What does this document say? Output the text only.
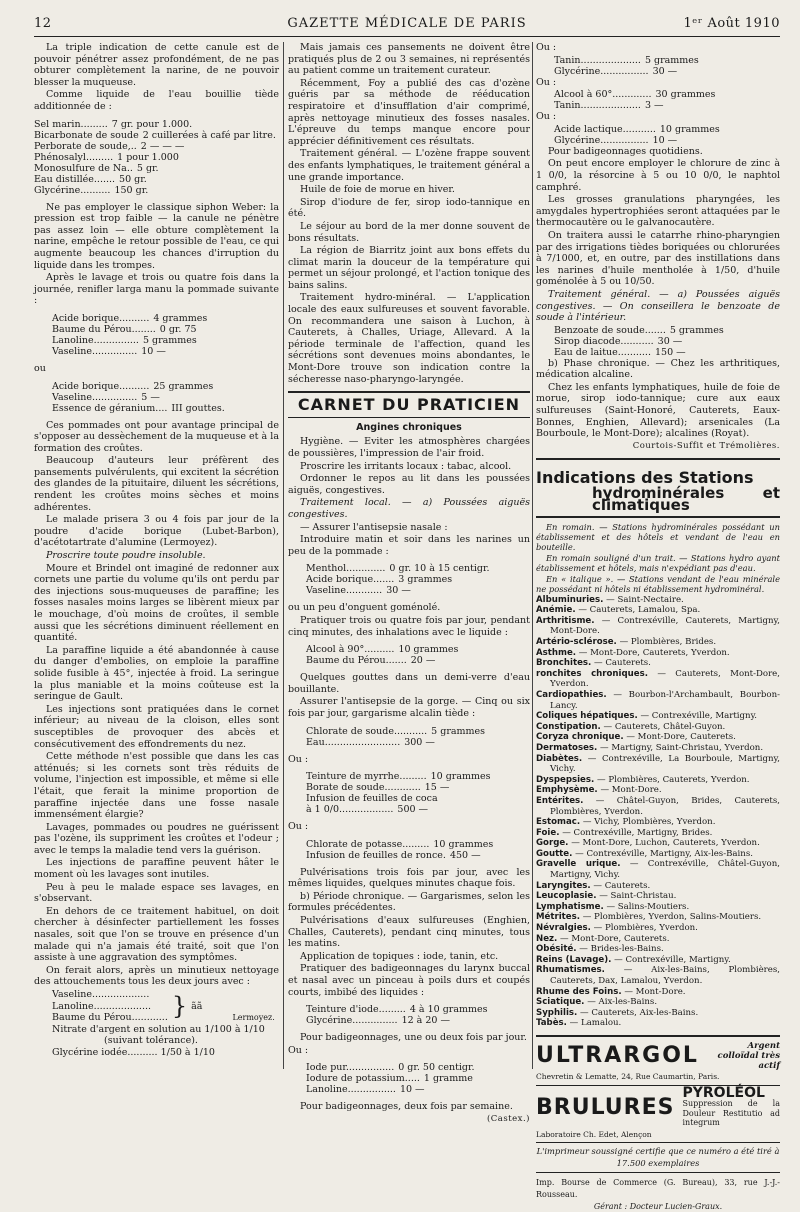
12	GAZETTE MÉDICALE DE PARIS	1ᵉʳ Août 1910

La triple indication de cette canule est de pouvoir pénétrer assez profondément, de ne pas obturer complètement la narine, de ne pouvoir blesser la muqueuse.

Comme liquide de l'eau bouillie tiède additionnée de :

Sel marin......... 7 gr. pour 1.000.
Bicarbonate de soude 2 cuillerées à café par litre.
Perborate de soude,.. 2 — — —
Phénosalyl......... 1 pour 1.000
Monosulfure de Na.. 5 gr.
Eau distillée....... 50 gr.
Glycérine.......... 150 gr.

Ne pas employer le classique siphon Weber: la pression est trop faible — la canule ne pénètre pas assez loin — elle obture complètement la narine, empêche le retour possible de l'eau, ce qui augmente beaucoup les chances d'irruption du liquide dans les trompes.

Après le lavage et trois ou quatre fois dans la journée, renifler larga manu la pommade suivante :

Acide borique.......... 4 grammes
Baume du Pérou........ 0 gr. 75
Lanoline............... 5 grammes
Vaseline............... 10 —

ou

Acide borique.......... 25 grammes
Vaseline............... 5 —
Essence de géranium.... III gouttes.

Ces pommades ont pour avantage principal de s'opposer au dessèchement de la muqueuse et à la formation des croûtes.

Beaucoup d'auteurs leur préfèrent des pansements pulvérulents, qui excitent la sécrétion des glandes de la pituitaire, diluent les sécrétions, rendent les croûtes moins sèches et moins adhérentes.

Le malade prisera 3 ou 4 fois par jour de la poudre d'acide borique (Lubet-Barbon), d'acétotartrate d'alumine (Lermoyez).

Proscrire toute poudre insoluble.

Moure et Brindel ont imaginé de redonner aux cornets une partie du volume qu'ils ont perdu par des injections sous-muqueuses de paraffine; les fosses nasales moins larges se libèrent mieux par le mouchage, d'où moins de croûtes, il semble aussi que les sécrétions diminuent réellement en quantité.

La paraffine liquide a été abandonnée à cause du danger d'embolies, on emploie la paraffine solide fusible à 45°, injectée à froid. La seringue la plus maniable et la moins coûteuse est la seringue de Gault.

Les injections sont pratiquées dans le cornet inférieur; au niveau de la cloison, elles sont susceptibles de provoquer des abcès et consécutivement des effondrements du nez.

Cette méthode n'est possible que dans les cas atténués; si les cornets sont très réduits de volume, l'injection est impossible, et même si elle l'était, que ferait la minime proportion de paraffine injectée dans une fosse nasale immensément élargie?

Lavages, pommades ou poudres ne guérissent pas l'ozène, ils suppriment les croûtes et l'odeur ; avec le temps la maladie tend vers la guérison.

Les injections de paraffine peuvent hâter le moment où les lavages sont inutiles.

Peu à peu le malade espace ses lavages, en s'observant.

En dehors de ce traitement habituel, on doit chercher à désinfecter partiellement les fosses nasales, soit que l'on se trouve en présence d'un malade qui n'a jamais été traité, soit que l'on assiste à une aggravation des symptômes.

On ferait alors, après un minutieux nettoyage des attouchements tous les deux jours avec :

Vaseline...................
Lanoline...................
Baume du Pérou............ } ãã
Lermoyez.
Nitrate d'argent en solution au 1/100 à 1/10
(suivant tolérance).
Glycérine iodée.......... 1/50 à 1/10

Mais jamais ces pansements ne doivent être pratiqués plus de 2 ou 3 semaines, ni représentés au patient comme un traitement curateur.

Récemment, Foy a publié des cas d'ozène guéris par sa méthode de rééducation respiratoire et d'insufflation d'air comprimé, après nettoyage minutieux des fosses nasales. L'épreuve du temps manque encore pour apprécier définitivement ces résultats.

Traitement général. — L'ozène frappe souvent des enfants lymphatiques, le traitement général a une grande importance.

Huile de foie de morue en hiver.

Sirop d'iodure de fer, sirop iodo-tannique en été.

Le séjour au bord de la mer donne souvent de bons résultats.

La région de Biarritz joint aux bons effets du climat marin la douceur de la température qui permet un séjour prolongé, et l'action tonique des bains salins.

Traitement hydro-minéral. — L'application locale des eaux sulfureuses et souvent favorable. On recommandera une saison à Luchon, à Cauterets, à Challes, Uriage, Allevard. A la période terminale de l'affection, quand les sécrétions sont devenues moins abondantes, le Mont-Dore trouve son indication contre la sécheresse naso-pharyngo-laryngée.

CARNET DU PRATICIEN
Angines chroniques

Hygiène. — Eviter les atmosphères chargées de poussières, l'impression de l'air froid.

Proscrire les irritants locaux : tabac, alcool.

Ordonner le repos au lit dans les poussées aiguës, congestives.

Traitement local. — a) Poussées aiguës congestives.

— Assurer l'antisepsie nasale :

Introduire matin et soir dans les narines un peu de la pommade :

Menthol............. 0 gr. 10 à 15 centigr.
Acide borique....... 3 grammes
Vaseline............ 30 —

ou un peu d'onguent goménolé.

Pratiquer trois ou quatre fois par jour, pendant cinq minutes, des inhalations avec le liquide :

Alcool à 90°.......... 10 grammes
Baume du Pérou....... 20 —

Quelques gouttes dans un demi-verre d'eau bouillante.

Assurer l'antisepsie de la gorge. — Cinq ou six fois par jour, gargarisme alcalin tiède :

Chlorate de soude........... 5 grammes
Eau......................... 300 —

Ou :

Teinture de myrrhe......... 10 grammes
Borate de soude............ 15 —
Infusion de feuilles de coca
à 1 0/0.................. 500 —

Ou :

Chlorate de potasse......... 10 grammes
Infusion de feuilles de ronce. 450 —

Pulvérisations trois fois par jour, avec les mêmes liquides, quelques minutes chaque fois.

b) Période chronique. — Gargarismes, selon les formules précédentes.

Pulvérisations d'eaux sulfureuses (Enghien, Challes, Cauterets), pendant cinq minutes, tous les matins.

Application de topiques : iode, tanin, etc.

Pratiquer des badigeonnages du larynx buccal et nasal avec un pinceau à poils durs et coupés courts, imbibé des liquides :

Teinture d'iode......... 4 à 10 grammes
Glycérine............... 12 à 20 —

Pour badigeonnages, une ou deux fois par jour.

Ou :

Iode pur................ 0 gr. 50 centigr.
Iodure de potassium..... 1 gramme
Lanoline................ 10 —

Pour badigeonnages, deux fois par semaine.

(Castex.)

Ou :

Tanin.................... 5 grammes
Glycérine................ 30 —

Ou :

Alcool à 60°............. 30 grammes
Tanin.................... 3 —

Ou :

Acide lactique........... 10 grammes
Glycérine................ 10 —

Pour badigeonnages quotidiens.

On peut encore employer le chlorure de zinc à 1 0/0, la résorcine à 5 ou 10 0/0, le naphtol camphré.

Les grosses granulations pharyngées, les amygdales hypertrophiées seront attaquées par le thermocautère ou le galvanocautère.

On traitera aussi le catarrhe rhino-pharyngien par des irrigations tièdes boriquées ou chlorurées à 7/1000, et, en outre, par des instillations dans les narines d'huile mentholée à 1/50, d'huile goménolée à 5 ou 10/50.

Traitement général. — a) Poussées aiguës congestives. — On conseillera le benzoate de soude à l'intérieur.

Benzoate de soude....... 5 grammes
Sirop diacode........... 30 —
Eau de laitue........... 150 —

b) Phase chronique. — Chez les arthritiques, médication alcaline.

Chez les enfants lymphatiques, huile de foie de morue, sirop iodo-tannique; cure aux eaux sulfureuses (Saint-Honoré, Cauterets, Eaux-Bonnes, Enghien, Allevard); arsenicales (La Bourboule, le Mont-Dore); alcalines (Royat).

Courtois-Suffit et Trémolières.
Indications des Stations
hydrominérales et climatiques

En romain. — Stations hydrominérales possédant un établissement et des hôtels et vendant de l'eau en bouteille.

En romain souligné d'un trait. — Stations hydro ayant établissement et hôtels, mais n'expédiant pas d'eau.

En « italique ». — Stations vendant de l'eau minérale ne possédant ni hôtels ni établissement hydrominéral.

Albuminuries. — Saint-Nectaire.

Anémie. — Cauterets, Lamalou, Spa.

Arthritisme. — Contrexéville, Cauterets, Martigny, Mont-Dore.

Artério-sclérose. — Plombières, Brides.

Asthme. — Mont-Dore, Cauterets, Yverdon.

Bronchites. — Cauterets.

ronchites chroniques. — Cauterets, Mont-Dore, Yverdon.

Cardiopathies. — Bourbon-l'Archambault, Bourbon-Lancy.

Coliques hépatiques. — Contrexéville, Martigny.

Constipation. — Cauterets, Châtel-Guyon.

Coryza chronique. — Mont-Dore, Cauterets.

Dermatoses. — Martigny, Saint-Christau, Yverdon.

Diabètes. — Contrexéville, La Bourboule, Martigny, Vichy.

Dyspepsies. — Plombières, Cauterets, Yverdon.

Emphysème. — Mont-Dore.

Entérites. — Châtel-Guyon, Brides, Cauterets, Plombières, Yverdon.

Estomac. — Vichy, Plombières, Yverdon.

Foie. — Contrexéville, Martigny, Brides.

Gorge. — Mont-Dore, Luchon, Cauterets, Yverdon.

Goutte. — Contrexéville, Martigny, Aix-les-Bains.

Gravelle urique. — Contrexéville, Châtel-Guyon, Martigny, Vichy.

Laryngites. — Cauterets.

Leucoplasie. — Saint-Christau.

Lymphatisme. — Salins-Moutiers.

Métrites. — Plombières, Yverdon, Salins-Moutiers.

Névralgies. — Plombières, Yverdon.

Nez. — Mont-Dore, Cauterets.

Obésité. — Brides-les-Bains.

Reins (Lavage). — Contrexéville, Martigny.

Rhumatismes. — Aix-les-Bains, Plombières, Cauterets, Dax, Lamalou, Yverdon.

Rhume des Foins. — Mont-Dore.

Sciatique. — Aix-les-Bains.

Syphilis. — Cauterets, Aix-les-Bains.

Tabès. — Lamalou.

ULTRARGOL	Argent colloïdal très actif
Chevretin & Lematte, 24, Rue Caumartin, Paris.
BRULURES
PYROLÉOL
Suppression de la Douleur Restitutio ad integrum
Laboratoire Ch. Edet, Alençon
L'imprimeur soussigné certifie que ce numéro a été tiré à 17.500 exemplaires
Imp. Bourse de Commerce (G. Bureau), 33, rue J.-J.-Rousseau.
Gérant : Docteur Lucien-Graux.
